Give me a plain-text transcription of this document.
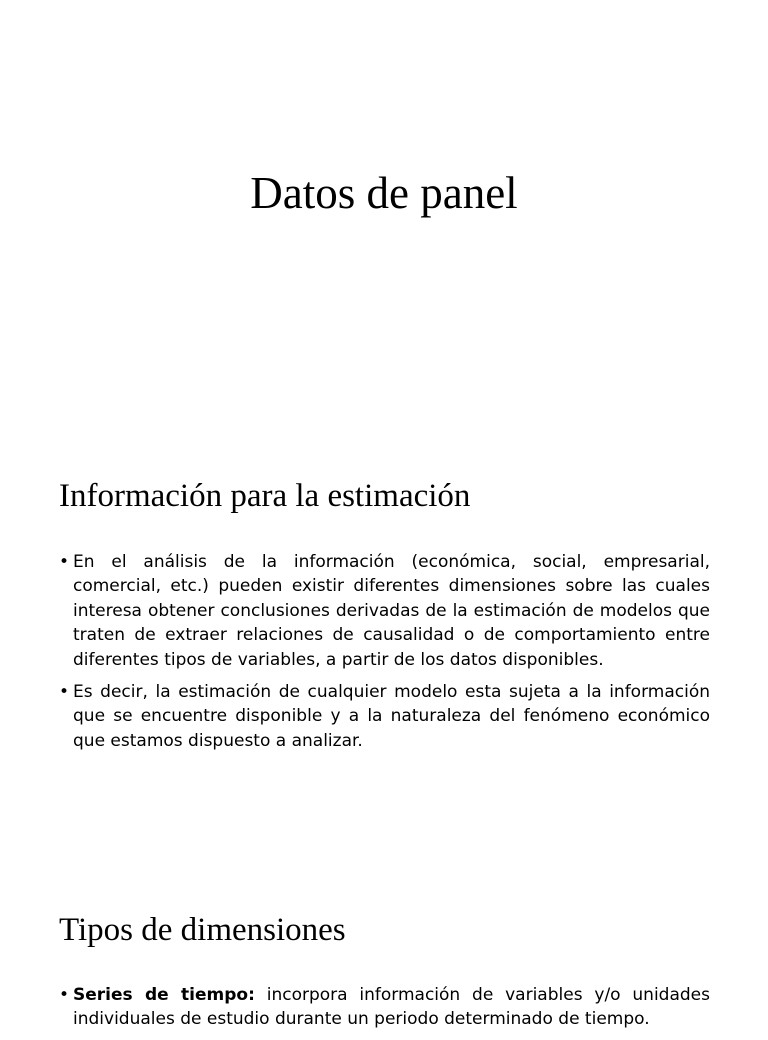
Datos de panel
Información para la estimación
• En el análisis de la información (económica, social, empresarial, comercial, etc.) pueden existir diferentes dimensiones sobre las cuales interesa obtener conclusiones derivadas de la estimación de modelos que traten de extraer relaciones de causalidad o de comportamiento entre diferentes tipos de variables, a partir de los datos disponibles.
• Es decir, la estimación de cualquier modelo esta sujeta a la información que se encuentre disponible y a la naturaleza del fenómeno económico que estamos dispuesto a analizar.
Tipos de dimensiones
• Series de tiempo: incorpora información de variables y/o unidades individuales de estudio durante un periodo determinado de tiempo.
